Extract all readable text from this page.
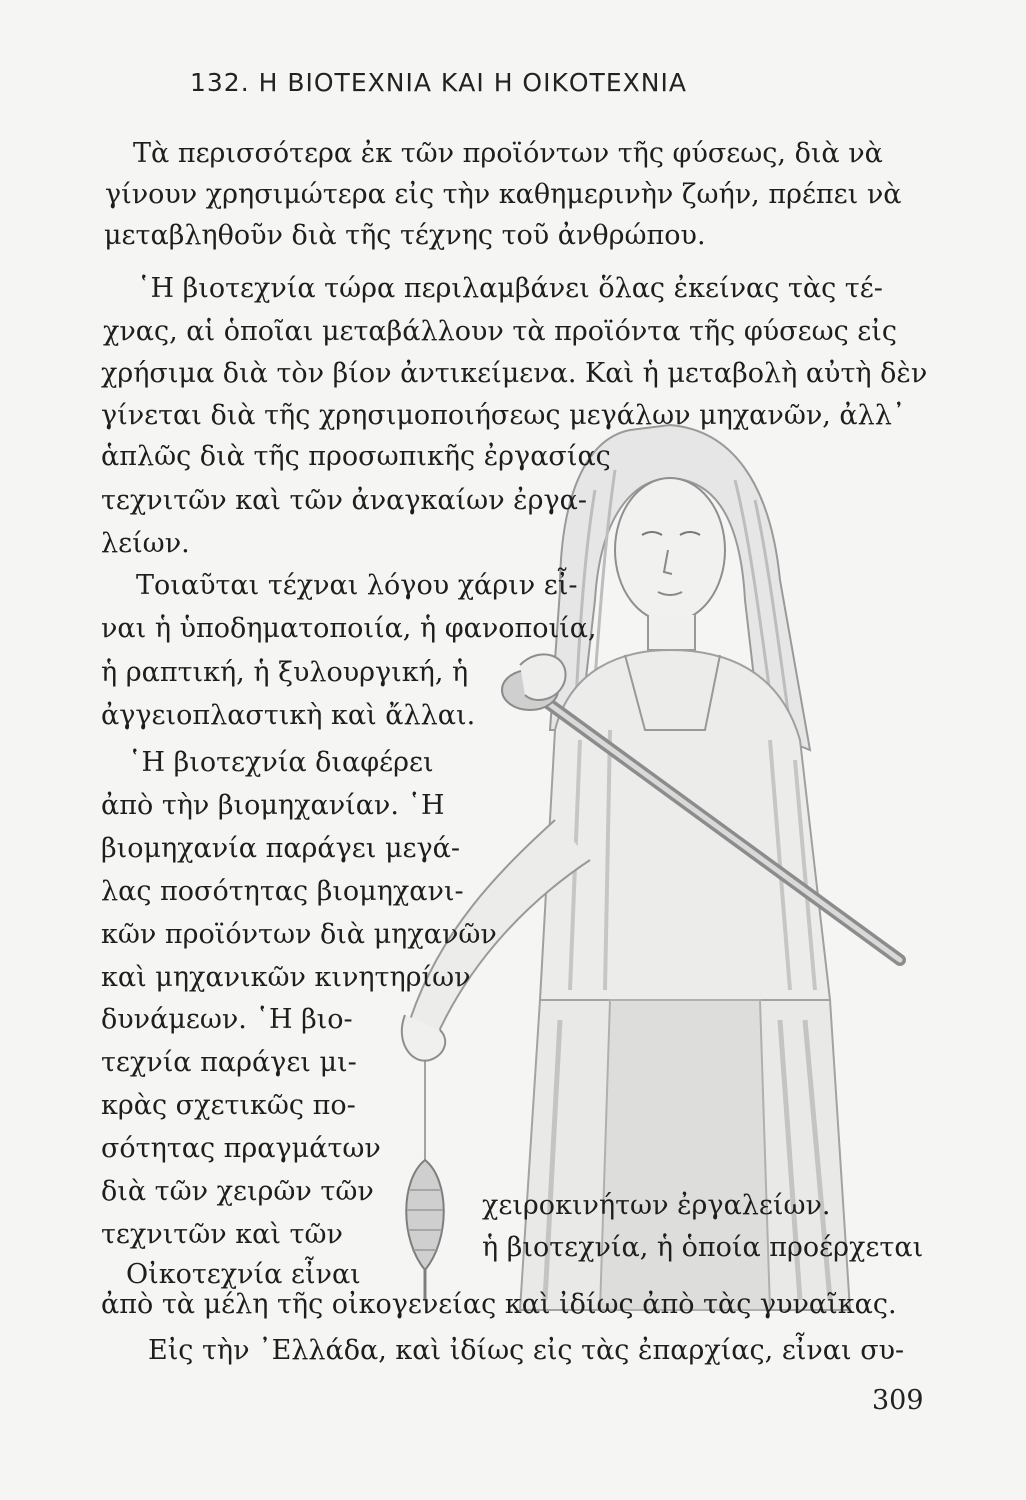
132. Η ΒΙΟΤΕΧΝΙΑ ΚΑΙ Η ΟΙΚΟΤΕΧΝΙΑ
Τὰ περισσότερα ἐκ τῶν προϊόντων τῆς φύσεως, διὰ νὰ
γίνουν χρησιμώτερα εἰς τὴν καθημερινὴν ζωήν, πρέπει νὰ
μεταβληθοῦν διὰ τῆς τέχνης τοῦ ἀνθρώπου.
῾Η βιοτεχνία τώρα περιλαμβάνει ὅλας ἐκείνας τὰς τέ-
χνας, αἱ ὁποῖαι μεταβάλλουν τὰ προϊόντα τῆς φύσεως εἰς
χρήσιμα διὰ τὸν βίον ἀντικείμενα. Καὶ ἡ μεταβολὴ αὐτὴ δὲν
γίνεται διὰ τῆς χρησιμοποιήσεως μεγάλων μηχανῶν, ἀλλ᾽
ἁπλῶς διὰ τῆς προσωπικῆς ἐργασίας
τεχνιτῶν καὶ τῶν ἀναγκαίων ἐργα-
λείων.
Τοιαῦται τέχναι λόγου χάριν εἶ-
ναι ἡ ὑποδηματοποιία, ἡ φανοποιία,
ἡ ραπτική, ἡ ξυλουργική, ἡ
ἀγγειοπλαστικὴ καὶ ἄλλαι.
῾Η βιοτεχνία διαφέρει
ἀπὸ τὴν βιομηχανίαν. ῾Η
βιομηχανία παράγει μεγά-
λας ποσότητας βιομηχανι-
κῶν προϊόντων διὰ μηχανῶν
καὶ μηχανικῶν κινητηρίων
δυνάμεων. ῾Η βιο-
τεχνία παράγει μι-
κρὰς σχετικῶς πο-
σότητας πραγμάτων
διὰ τῶν χειρῶν τῶν
τεχνιτῶν καὶ τῶν
χειροκινήτων ἐργαλείων.
Οἰκοτεχνία εἶναι
ἡ βιοτεχνία, ἡ ὁποία προέρχεται
ἀπὸ τὰ μέλη τῆς οἰκογενείας καὶ ἰδίως ἀπὸ τὰς γυναῖκας.
Εἰς τὴν ᾿Ελλάδα, καὶ ἰδίως εἰς τὰς ἐπαρχίας, εἶναι συ-
309
